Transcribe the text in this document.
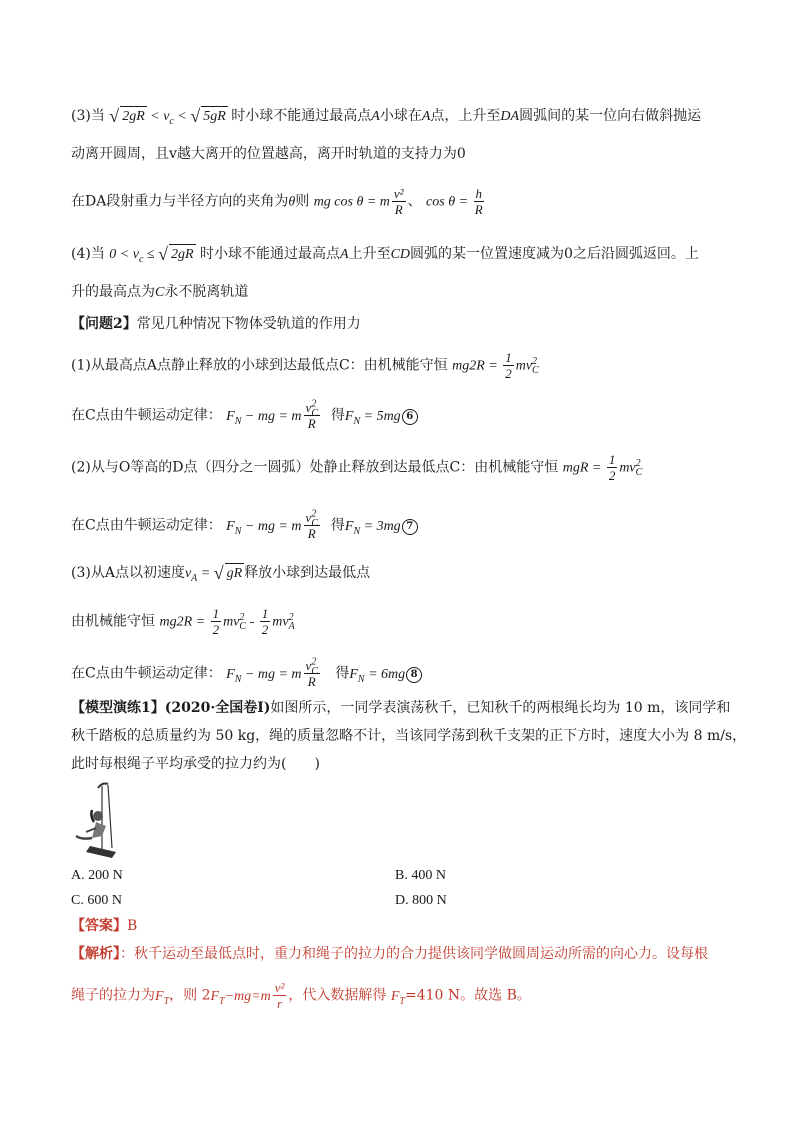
(3)当 √ $2gR < v_c$ < √ 5gR 时小球不能通过最高点A小球在A点，上升至DA圆弧间的某一位向右做斜抛运
动离开圆周，且v越大离开的位置越高，离开时轨道的支持力为0
在DA段射重力与半径方向的夹角为θ则 mg cos θ = m $\frac{\text{v²}}{R}$ 、 $\cos \theta = \frac{h}{R}$
(4)当 $0 < v_c$ ≤ √ 2gR 时小球不能通过最高点A上升至CD圆弧的某一位置速度减为0之后沿圆弧返回。上
升的最高点为C永不脱离轨道
【问题2】常见几种情况下物体受轨道的作用力
(1)从最高点A点静止释放的小球到达最低点C：由机械能守恒 $mg2R = \frac{1}{2} mv^2_C$
在C点由牛顿运动定律： $F_N$ − mg = m $\frac{v^2_C}{R}$ 得$F_N = 5mg$ 6
(2)从与O等高的D点（四分之一圆弧）处静止释放到达最低点C：由机械能守恒 mgR = $\frac{1}{2} mv^2_C$
在C点由牛顿运动定律： $F_N$ − mg = m $\frac{v^2_C}{R}$ 得$F_N = 3mg$ 7
(3)从A点以初速度$v_A$ = √ gR 释放小球到达最低点
由机械能守恒 $mg2R = \frac{1}{2} mv^2_C - \frac{1}{2} mv^2_A$
在C点由牛顿运动定律： $F_N$ − mg = m $\frac{v^2_C}{R}$ 得$F_N = 6mg$ 8
【模型演练1】(2020·全国卷Ⅰ)如图所示，一同学表演荡秋千，已知秋千的两根绳长均为 10 m，该同学和
秋千踏板的总质量约为 50 kg，绳的质量忽略不计，当该同学荡到秋千支架的正下方时，速度大小为 8 m/s，
此时每根绳子平均承受的拉力约为(　　)
A. 200 N	B. 400 N
C. 600 N	D. 800 N
【答案】B
【解析】：秋千运动至最低点时，重力和绳子的拉力的合力提供该同学做圆周运动所需的向心力。设每根
绳子的拉力为$F_T$，则 $2F_T-mg=m \frac{\text{v²}}{r}$ ，代入数据解得 $F_T=410$ N。故选 B。
